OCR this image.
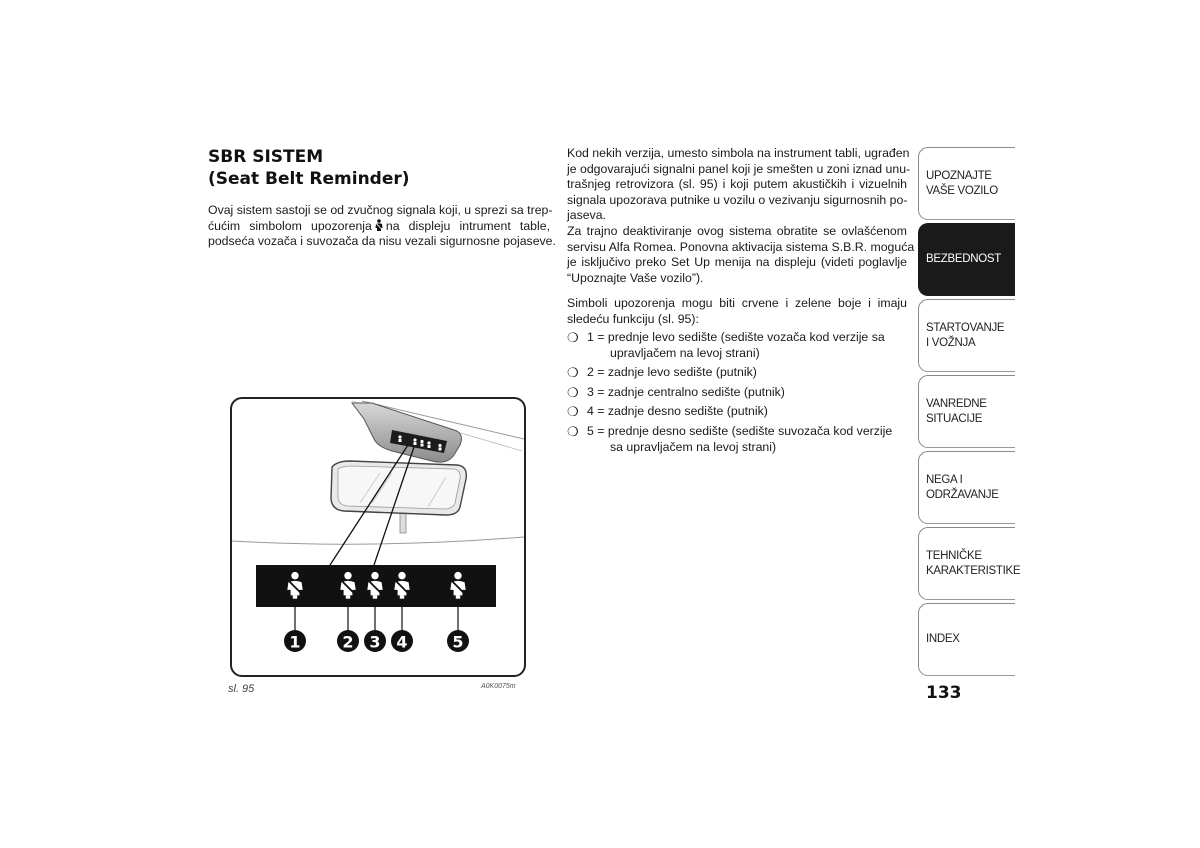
SBR SISTEM
(Seat Belt Reminder)

Ovaj sistem sastoji se od zvučnog signala koji, u sprezi sa trep-
ćućim simbolom upozorenja na displeju intrument table,
podseća vozača i suvozača da nisu vezali sigurnosne pojaseve.

Kod nekih verzija, umesto simbola na instrument tabli, ugrađen
je odgovarajući signalni panel koji je smešten u zoni iznad unu-
trašnjeg retrovizora (sl. 95) i koji putem akustičkih i vizuelnih
signala upozorava putnike u vozilu o vezivanju sigurnosnih po-
jaseva.
Za trajno deaktiviranje ovog sistema obratite se ovlašćenom
servisu Alfa Romea. Ponovna aktivacija sistema S.B.R. moguća
je isključivo preko Set Up menija na displeju (videti poglavlje
“Upoznajte Vaše vozilo”).

Simboli upozorenja mogu biti crvene i zelene boje i imaju
sledeću funkciju (sl. 95):

❍ 1 = prednje levo sedište (sedište vozača kod verzije sa
upravljačem na levoj strani)
❍ 2 = zadnje levo sedište (putnik)
❍ 3 = zadnje centralno sedište (putnik)
❍ 4 = zadnje desno sedište (putnik)
❍ 5 = prednje desno sedište (sedište suvozača kod verzije
sa upravljačem na levoj strani)
1	2 3 4	5
sl. 95	A0K0075m
UPOZNAJTE
VAŠE VOZILO
BEZBEDNOST
STARTOVANJE
I VOŽNJA
VANREDNE
SITUACIJE
NEGA I
ODRŽAVANJE
TEHNIČKE
KARAKTERISTIKE
INDEX
133
